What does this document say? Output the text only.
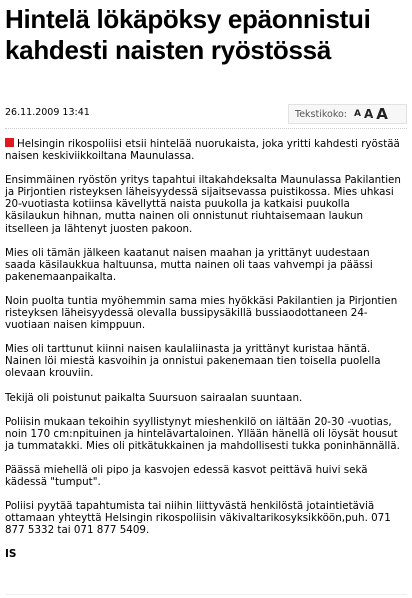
Hintelä lökäpöksy epäonnistui kahdesti naisten ryöstössä
26.11.2009 13:41	Tekstikoko: A A A

Helsingin rikospoliisi etsii hintelää nuorukaista, joka yritti kahdesti ryöstää naisen keskiviikkoiltana Maunulassa.

Ensimmäinen ryöstön yritys tapahtui iltakahdeksalta Maunulassa Pakilantien ja Pirjontien risteyksen läheisyydessä sijaitsevassa puistikossa. Mies uhkasi 20-vuotiasta kotiinsa kävellyttä naista puukolla ja katkaisi puukolla käsilaukun hihnan, mutta nainen oli onnistunut riuhtaisemaan laukun itselleen ja lähtenyt juosten pakoon.

Mies oli tämän jälkeen kaatanut naisen maahan ja yrittänyt uudestaan saada käsilaukkua haltuunsa, mutta nainen oli taas vahvempi ja päässi pakenemaanpaikalta.

Noin puolta tuntia myöhemmin sama mies hyökkäsi Pakilantien ja Pirjontien risteyksen läheisyydessä olevalla bussipysäkillä bussiaodottaneen 24-vuotiaan naisen kimppuun.

Mies oli tarttunut kiinni naisen kaulaliinasta ja yrittänyt kuristaa häntä. Nainen löi miestä kasvoihin ja onnistui pakenemaan tien toisella puolella olevaan krouviin.

Tekijä oli poistunut paikalta Suursuon sairaalan suuntaan.

Poliisin mukaan tekoihin syyllistynyt mieshenkilö on iältään 20-30 -vuotias, noin 170 cm:npituinen ja hintelävartaloinen. Yllään hänellä oli löysät housut ja tummatakki. Mies oli pitkätukkainen ja mahdollisesti tukka poninhännällä.

Päässä miehellä oli pipo ja kasvojen edessä kasvot peittävä huivi sekä kädessä "tumput".

Poliisi pyytää tapahtumista tai niihin liittyvästä henkilöstä jotaintietäviä ottamaan yhteyttä Helsingin rikospoliisin väkivaltarikosyksikköön,puh. 071 877 5332 tai 071 877 5409.

IS
